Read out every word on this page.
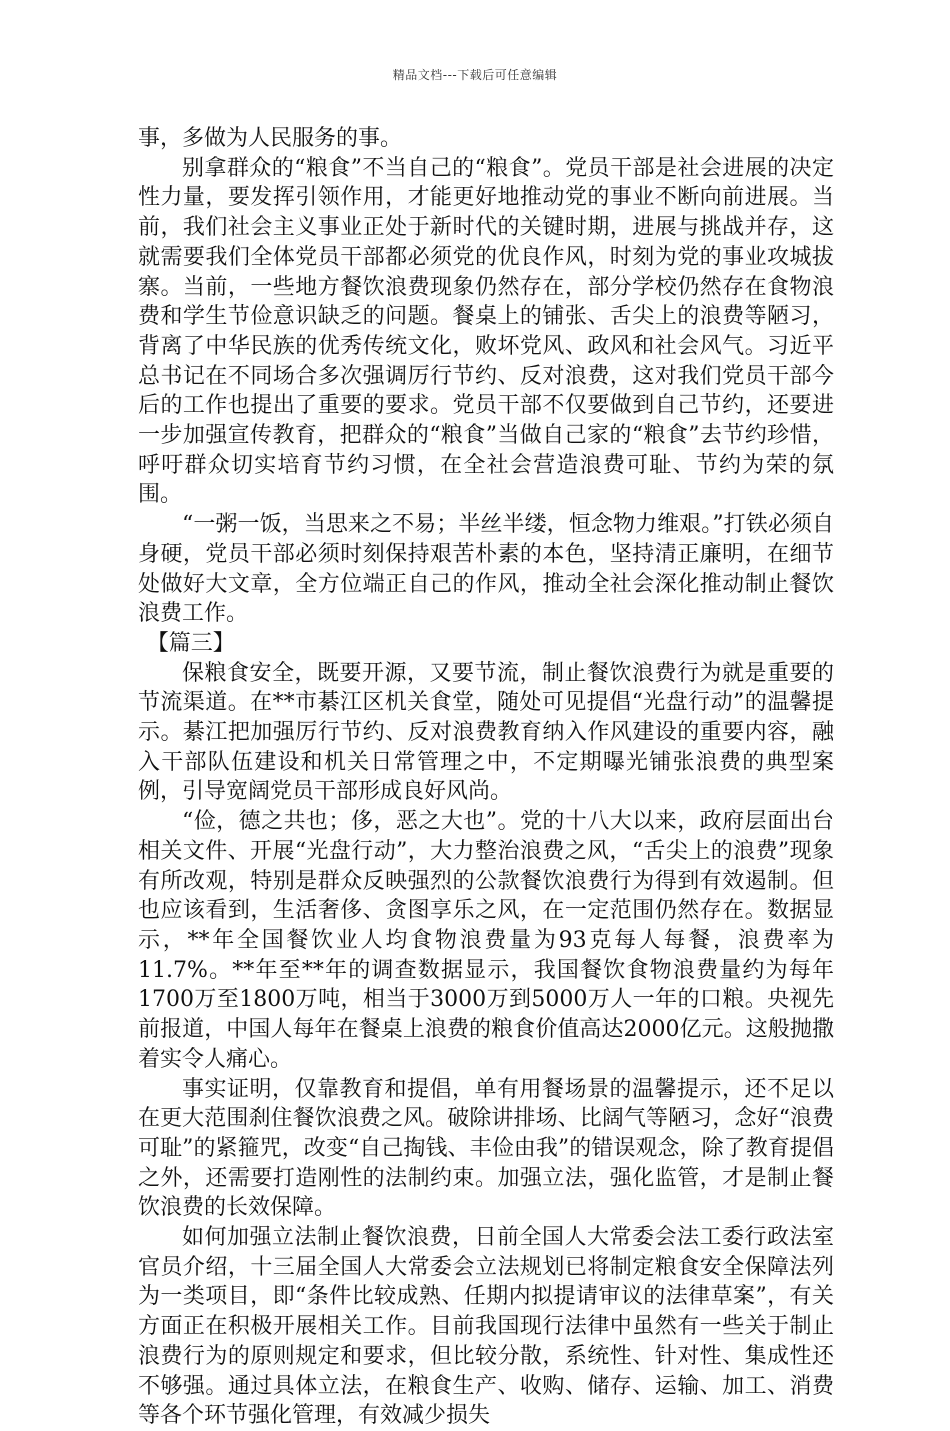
精品文档---下载后可任意编辑

事，多做为人民服务的事。

别拿群众的“粮食”不当自己的“粮食”。党员干部是社会进展的决定性力量，要发挥引领作用，才能更好地推动党的事业不断向前进展。当前，我们社会主义事业正处于新时代的关键时期，进展与挑战并存，这就需要我们全体党员干部都必须党的优良作风，时刻为党的事业攻城拔寨。当前，一些地方餐饮浪费现象仍然存在，部分学校仍然存在食物浪费和学生节俭意识缺乏的问题。餐桌上的铺张、舌尖上的浪费等陋习，背离了中华民族的优秀传统文化，败坏党风、政风和社会风气。习近平总书记在不同场合多次强调厉行节约、反对浪费，这对我们党员干部今后的工作也提出了重要的要求。党员干部不仅要做到自己节约，还要进一步加强宣传教育，把群众的“粮食”当做自己家的“粮食”去节约珍惜，呼吁群众切实培育节约习惯，在全社会营造浪费可耻、节约为荣的氛围。

“一粥一饭，当思来之不易；半丝半缕，恒念物力维艰。”打铁必须自身硬，党员干部必须时刻保持艰苦朴素的本色，坚持清正廉明，在细节处做好大文章，全方位端正自己的作风，推动全社会深化推动制止餐饮浪费工作。

【篇三】

保粮食安全，既要开源，又要节流，制止餐饮浪费行为就是重要的节流渠道。在**市綦江区机关食堂，随处可见提倡“光盘行动”的温馨提示。綦江把加强厉行节约、反对浪费教育纳入作风建设的重要内容，融入干部队伍建设和机关日常管理之中，不定期曝光铺张浪费的典型案例，引导宽阔党员干部形成良好风尚。

“俭，德之共也；侈，恶之大也”。党的十八大以来，政府层面出台相关文件、开展“光盘行动”，大力整治浪费之风，“舌尖上的浪费”现象有所改观，特别是群众反映强烈的公款餐饮浪费行为得到有效遏制。但也应该看到，生活奢侈、贪图享乐之风，在一定范围仍然存在。数据显示，**年全国餐饮业人均食物浪费量为93克每人每餐，浪费率为11.7%。**年至**年的调查数据显示，我国餐饮食物浪费量约为每年1700万至1800万吨，相当于3000万到5000万人一年的口粮。央视先前报道，中国人每年在餐桌上浪费的粮食价值高达2000亿元。这般抛撒着实令人痛心。

事实证明，仅靠教育和提倡，单有用餐场景的温馨提示，还不足以在更大范围刹住餐饮浪费之风。破除讲排场、比阔气等陋习，念好“浪费可耻”的紧箍咒，改变“自己掏钱、丰俭由我”的错误观念，除了教育提倡之外，还需要打造刚性的法制约束。加强立法，强化监管，才是制止餐饮浪费的长效保障。

如何加强立法制止餐饮浪费，日前全国人大常委会法工委行政法室官员介绍，十三届全国人大常委会立法规划已将制定粮食安全保障法列为一类项目，即“条件比较成熟、任期内拟提请审议的法律草案”，有关方面正在积极开展相关工作。目前我国现行法律中虽然有一些关于制止浪费行为的原则规定和要求，但比较分散，系统性、针对性、集成性还不够强。通过具体立法，在粮食生产、收购、储存、运输、加工、消费等各个环节强化管理，有效减少损失
